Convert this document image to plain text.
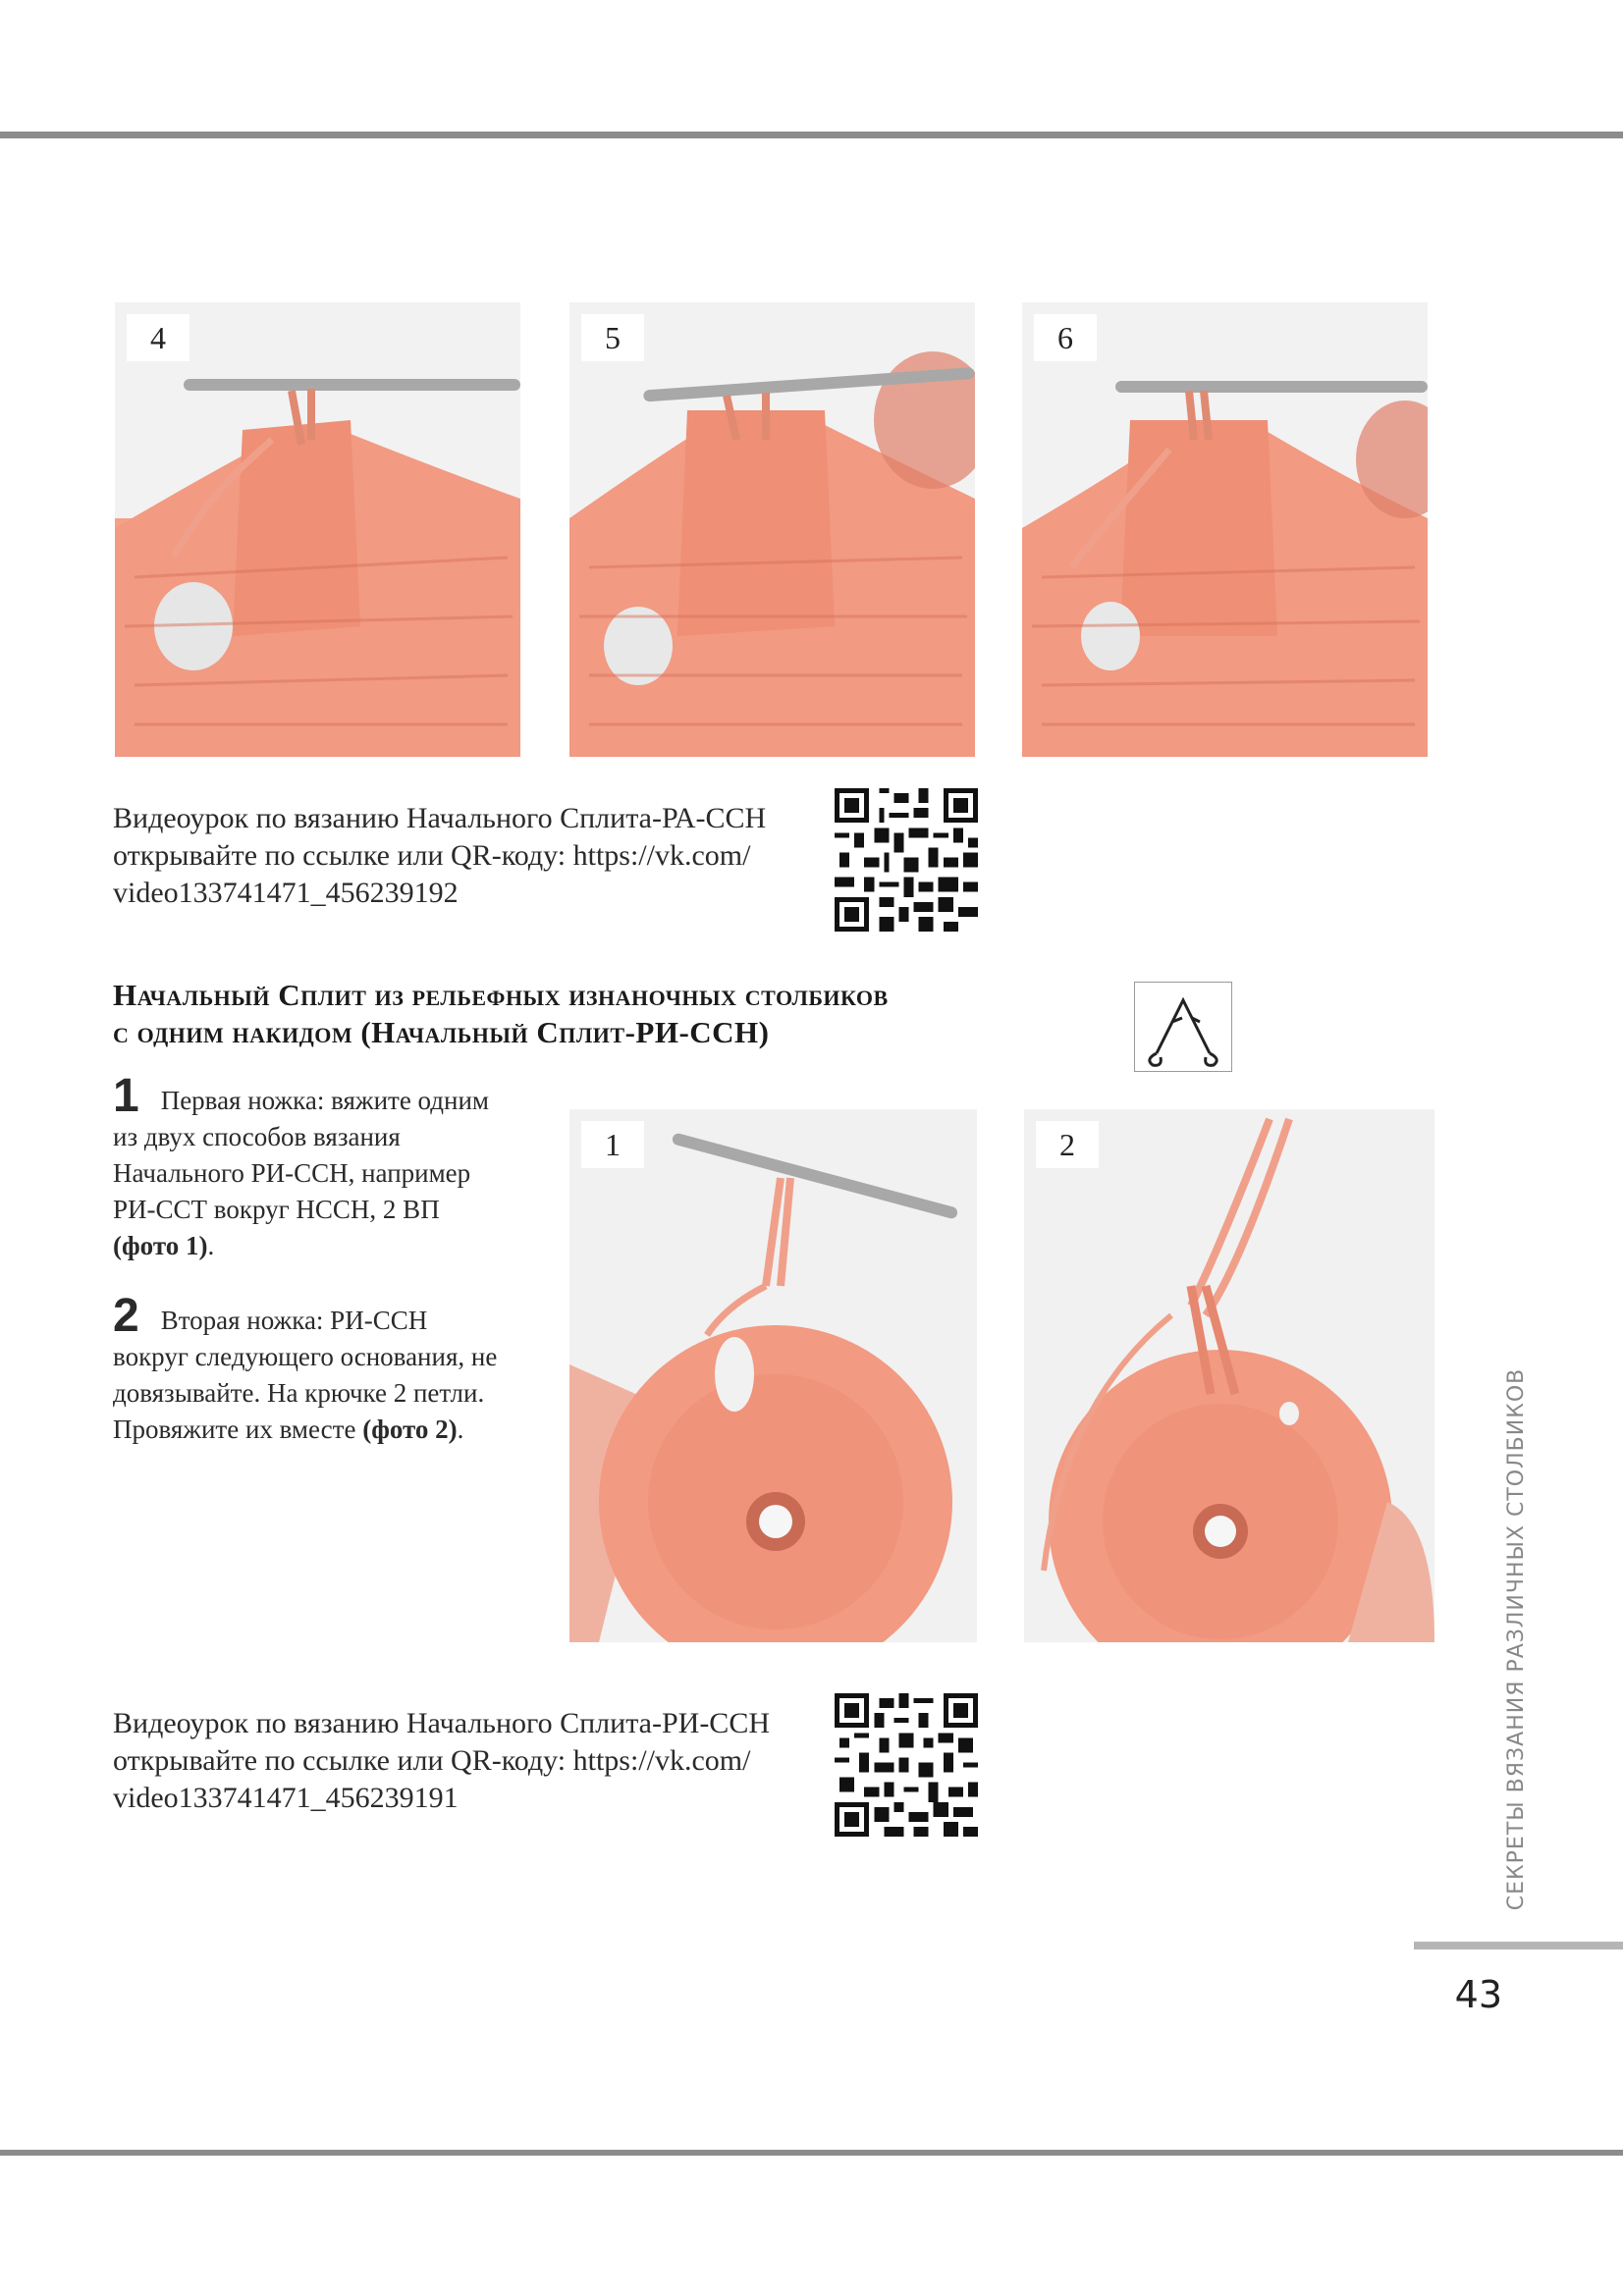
4	5	6
Видеоурок по вязанию Начального Сплита-РА-ССН
открывайте по ссылке или QR-коду: https://vk.com/
video133741471_456239192
Начальный Сплит из рельефных изнаночных столбиков
с одним накидом (Начальный Сплит-РИ-ССН)
1 Первая ножка: вяжите одним из двух способов вязания Начального РИ-ССН, например РИ-ССТ вокруг НССН, 2 ВП (фото 1).
2 Вторая ножка: РИ-ССН вокруг следующего основания, не довязывайте. На крючке 2 петли. Провяжите их вместе (фото 2).
1	2
Видеоурок по вязанию Начального Сплита-РИ-ССН
открывайте по ссылке или QR-коду: https://vk.com/
video133741471_456239191	СЕКРЕТЫ ВЯЗАНИЯ РАЗЛИЧНЫХ СТОЛБИКОВ
43
